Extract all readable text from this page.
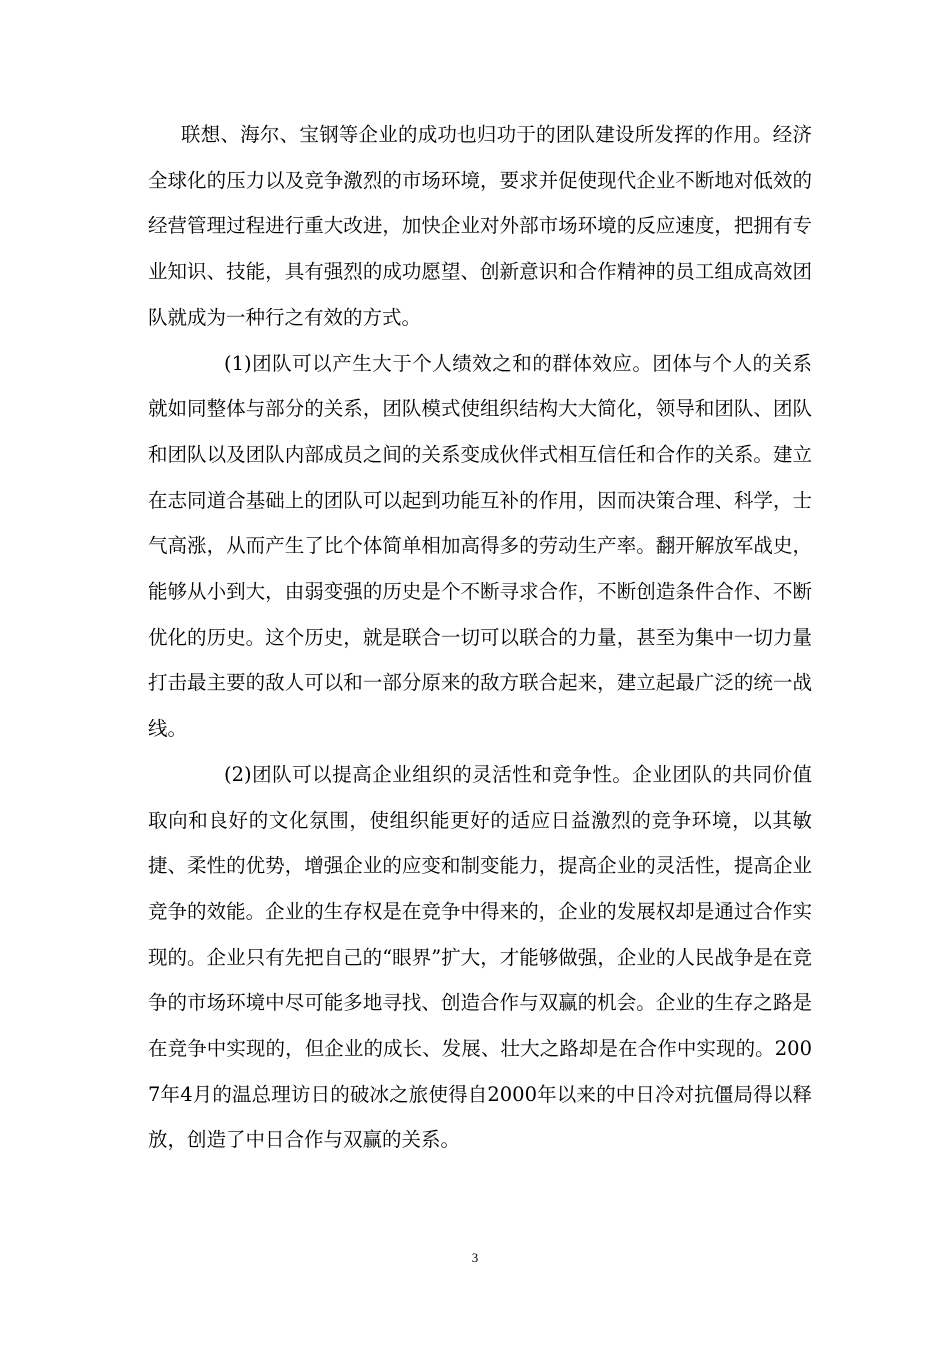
联想、海尔、宝钢等企业的成功也归功于的团队建设所发挥的作用。经济全球化的压力以及竞争激烈的市场环境，要求并促使现代企业不断地对低效的经营管理过程进行重大改进，加快企业对外部市场环境的反应速度，把拥有专业知识、技能，具有强烈的成功愿望、创新意识和合作精神的员工组成高效团队就成为一种行之有效的方式。

(1)团队可以产生大于个人绩效之和的群体效应。团体与个人的关系就如同整体与部分的关系，团队模式使组织结构大大简化，领导和团队、团队和团队以及团队内部成员之间的关系变成伙伴式相互信任和合作的关系。建立在志同道合基础上的团队可以起到功能互补的作用，因而决策合理、科学，士气高涨，从而产生了比个体简单相加高得多的劳动生产率。翻开解放军战史，能够从小到大，由弱变强的历史是个不断寻求合作，不断创造条件合作、不断优化的历史。这个历史，就是联合一切可以联合的力量，甚至为集中一切力量打击最主要的敌人可以和一部分原来的敌方联合起来，建立起最广泛的统一战线。

(2)团队可以提高企业组织的灵活性和竞争性。企业团队的共同价值取向和良好的文化氛围，使组织能更好的适应日益激烈的竞争环境，以其敏捷、柔性的优势，增强企业的应变和制变能力，提高企业的灵活性，提高企业竞争的效能。企业的生存权是在竞争中得来的，企业的发展权却是通过合作实现的。企业只有先把自己的“眼界”扩大，才能够做强，企业的人民战争是在竞争的市场环境中尽可能多地寻找、创造合作与双赢的机会。企业的生存之路是在竞争中实现的，但企业的成长、发展、壮大之路却是在合作中实现的。2007年4月的温总理访日的破冰之旅使得自2000年以来的中日冷对抗僵局得以释放，创造了中日合作与双赢的关系。

3
